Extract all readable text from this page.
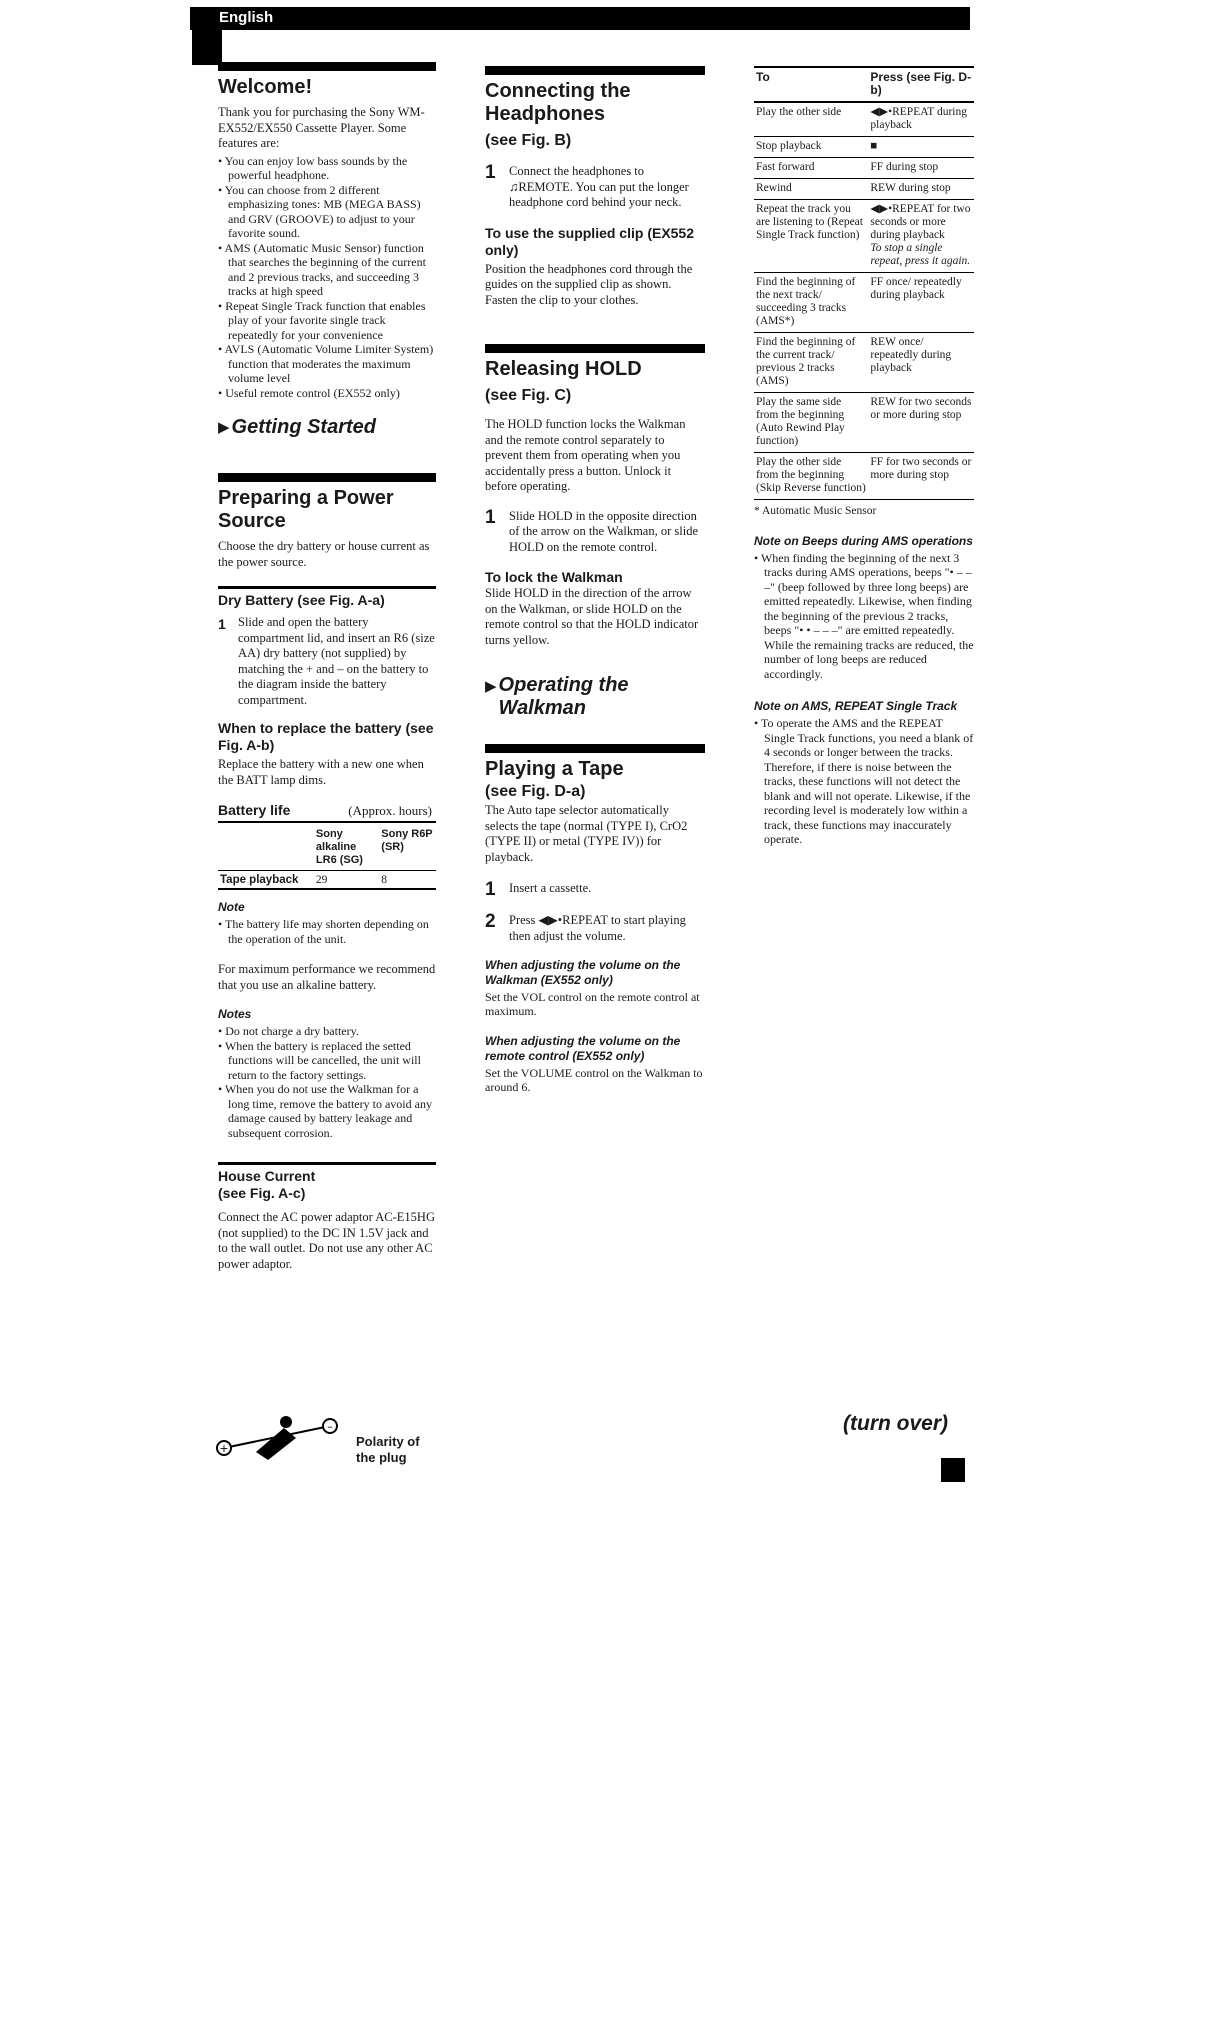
English
Welcome!

Thank you for purchasing the Sony WM-EX552/EX550 Cassette Player. Some features are:

• You can enjoy low bass sounds by the powerful headphone.
• You can choose from 2 different emphasizing tones: MB (MEGA BASS) and GRV (GROOVE) to adjust to your favorite sound.
• AMS (Automatic Music Sensor) function that searches the beginning of the current and 2 previous tracks, and succeeding 3 tracks at high speed
• Repeat Single Track function that enables play of your favorite single track repeatedly for your convenience
• AVLS (Automatic Volume Limiter System) function that moderates the maximum volume level
• Useful remote control (EX552 only)
▶ Getting Started
Preparing a Power Source

Choose the dry battery or house current as the power source.

Dry Battery (see Fig. A-a)
1 Slide and open the battery compartment lid, and insert an R6 (size AA) dry battery (not supplied) by matching the + and – on the battery to the diagram inside the battery compartment.
When to replace the battery (see Fig. A-b)

Replace the battery with a new one when the BATT lamp dims.

Battery life	(Approx. hours)
	Sony alkaline LR6 (SG)	Sony R6P (SR)
Tape playback	29	8
Note
• The battery life may shorten depending on the operation of the unit.

For maximum performance we recommend that you use an alkaline battery.

Notes
• Do not charge a dry battery.
• When the battery is replaced the setted functions will be cancelled, the unit will return to the factory settings.
• When you do not use the Walkman for a long time, remove the battery to avoid any damage caused by battery leakage and subsequent corrosion.
House Current
(see Fig. A-c)

Connect the AC power adaptor AC-E15HG (not supplied) to the DC IN 1.5V jack and to the wall outlet. Do not use any other AC power adaptor.

+
–
Polarity of the plug
Connecting the Headphones
(see Fig. B)
1	Connect the headphones to ♫REMOTE. You can put the longer headphone cord behind your neck.
To use the supplied clip (EX552 only)

Position the headphones cord through the guides on the supplied clip as shown. Fasten the clip to your clothes.

Releasing HOLD
(see Fig. C)

The HOLD function locks the Walkman and the remote control separately to prevent them from operating when you accidentally press a button. Unlock it before operating.

1	Slide HOLD in the opposite direction of the arrow on the Walkman, or slide HOLD on the remote control.
To lock the Walkman

Slide HOLD in the direction of the arrow on the Walkman, or slide HOLD on the remote control so that the HOLD indicator turns yellow.

▶ Operating the Walkman
Playing a Tape
(see Fig. D-a)

The Auto tape selector automatically selects the tape (normal (TYPE I), CrO2 (TYPE II) or metal (TYPE IV)) for playback.

1	Insert a cassette.
2	Press ◀▶•REPEAT to start playing then adjust the volume.
When adjusting the volume on the Walkman (EX552 only)

Set the VOL control on the remote control at maximum.

When adjusting the volume on the remote control (EX552 only)

Set the VOLUME control on the Walkman to around 6.

To	Press (see Fig. D-b)
Play the other side	◀▶•REPEAT during playback
Stop playback	■
Fast forward	FF during stop
Rewind	REW during stop
Repeat the track you are listening to (Repeat Single Track function)	◀▶•REPEAT for two seconds or more during playback
To stop a single repeat, press it again.

Find the beginning of the next track/ succeeding 3 tracks (AMS*)	FF once/ repeatedly during playback
Find the beginning of the current track/ previous 2 tracks (AMS)	REW once/ repeatedly during playback
Play the same side from the beginning (Auto Rewind Play function)	REW for two seconds or more during stop
Play the other side from the beginning (Skip Reverse function)	FF for two seconds or more during stop

* Automatic Music Sensor

Note on Beeps during AMS operations
• When finding the beginning of the next 3 tracks during AMS operations, beeps "• – – –" (beep followed by three long beeps) are emitted repeatedly. Likewise, when finding the beginning of the previous 2 tracks, beeps "• • – – –" are emitted repeatedly. While the remaining tracks are reduced, the number of long beeps are reduced accordingly.
Note on AMS, REPEAT Single Track
• To operate the AMS and the REPEAT Single Track functions, you need a blank of 4 seconds or longer between the tracks. Therefore, if there is noise between the tracks, these functions will not detect the blank and will not operate. Likewise, if the recording level is moderately low within a track, these functions may inaccurately operate.
(turn over)
